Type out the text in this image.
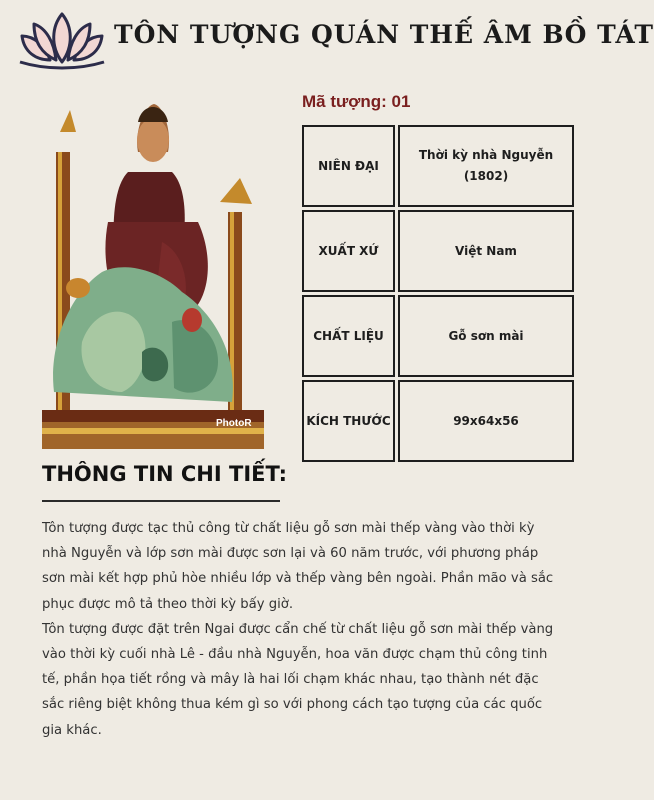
TÔN TƯỢNG QUÁN THẾ ÂM BỒ TÁT
PhotoR
Mã tượng: 01
NIÊN ĐẠI	Thời kỳ nhà Nguyễn
(1802)

XUẤT XỨ	Việt Nam

CHẤT LIỆU	Gỗ sơn mài

KÍCH THƯỚC	99x64x56
THÔNG TIN CHI TIẾT:

Tôn tượng được tạc thủ công từ chất liệu gỗ sơn mài thếp vàng vào thời kỳ nhà Nguyễn và lớp sơn mài được sơn lại và 60 năm trước, với phương pháp sơn mài kết hợp phủ hòe nhiều lớp và thếp vàng bên ngoài. Phần mão và sắc phục được mô tả theo thời kỳ bấy giờ.

Tôn tượng được đặt trên Ngai được cẩn chế từ chất liệu gỗ sơn mài thếp vàng vào thời kỳ cuối nhà Lê - đầu nhà Nguyễn, hoa văn được chạm thủ công tinh tế, phần họa tiết rồng và mây là hai lối chạm khác nhau, tạo thành nét đặc sắc riêng biệt không thua kém gì so với phong cách tạo tượng của các quốc gia khác.
